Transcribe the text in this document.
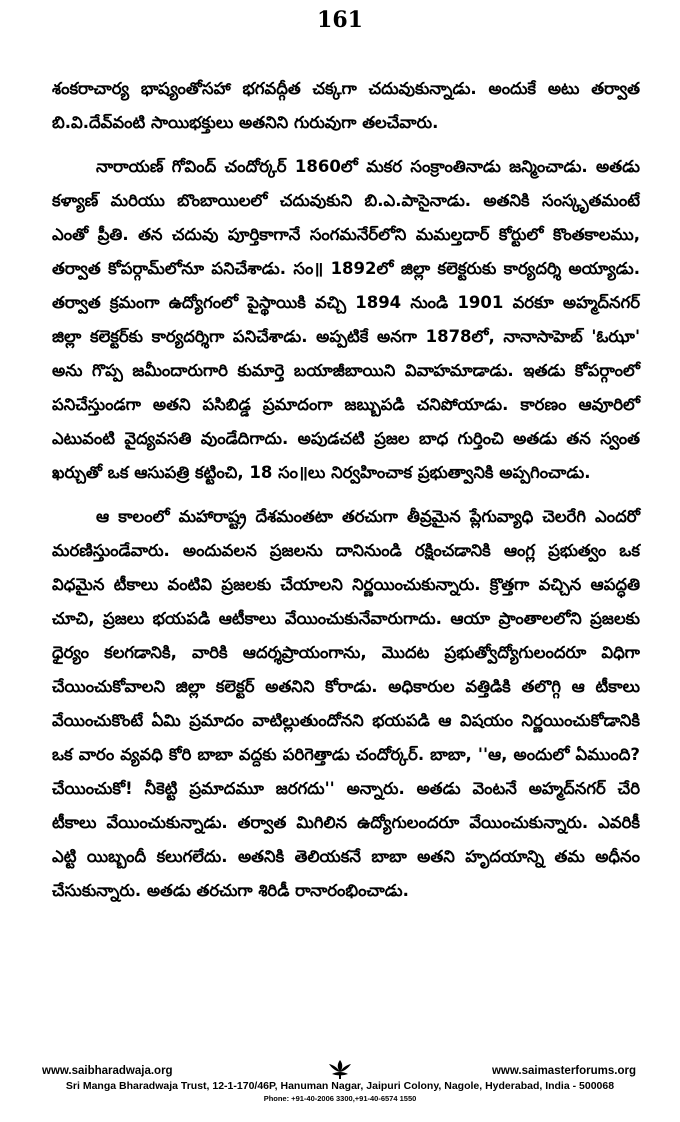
161

శంకరాచార్య భాష్యంతోసహా భగవద్గీత చక్కగా చదువుకున్నాడు. అందుకే అటు తర్వాత బి.వి.దేవ్‌వంటి సాయిభక్తులు అతనిని గురువుగా తలచేవారు.

నారాయణ్ గోవింద్ చందోర్కర్ 1860లో మకర సంక్రాంతినాడు జన్మించాడు. అతడు కళ్యాణ్ మరియు బొంబాయిలలో చదువుకుని బి.ఎ.పాసైనాడు. అతనికి సంస్కృతమంటే ఎంతో ప్రీతి. తన చదువు పూర్తికాగానే సంగమనేర్‌లోని మమల్తదార్ కోర్టులో కొంతకాలము, తర్వాత కోపర్గామ్‌లోనూ పనిచేశాడు. సం॥ 1892లో జిల్లా కలెక్టరుకు కార్యదర్శి అయ్యాడు. తర్వాత క్రమంగా ఉద్యోగంలో పైస్థాయికి వచ్చి 1894 నుండి 1901 వరకూ అహ్మద్‌నగర్ జిల్లా కలెక్టర్‌కు కార్యదర్శిగా పనిచేశాడు. అప్పటికే అనగా 1878లో, నానాసాహెబ్ 'ఓఝా' అను గొప్ప జమీందారుగారి కుమార్తె బయాజీబాయిని వివాహమాడాడు. ఇతడు కోపర్గాంలో పనిచేస్తుండగా అతని పసిబిడ్డ ప్రమాదంగా జబ్బుపడి చనిపోయాడు. కారణం ఆవూరిలో ఎటువంటి వైద్యవసతి వుండేదిగాదు. అపుడచటి ప్రజల బాధ గుర్తించి అతడు తన స్వంత ఖర్చుతో ఒక ఆసుపత్రి కట్టించి, 18 సం॥లు నిర్వహించాక ప్రభుత్వానికి అప్పగించాడు.

ఆ కాలంలో మహారాష్ట్ర దేశమంతటా తరచుగా తీవ్రమైన ప్లేగువ్యాధి చెలరేగి ఎందరో మరణిస్తుండేవారు. అందువలన ప్రజలను దానినుండి రక్షించడానికి ఆంగ్ల ప్రభుత్వం ఒక విధమైన టీకాలు వంటివి ప్రజలకు చేయాలని నిర్ణయించుకున్నారు. క్రొత్తగా వచ్చిన ఆపద్ధతి చూచి, ప్రజలు భయపడి ఆటీకాలు వేయించుకునేవారుగాదు. ఆయా ప్రాంతాలలోని ప్రజలకు ధైర్యం కలగడానికి, వారికి ఆదర్శప్రాయంగాను, మొదట ప్రభుత్వోద్యోగులందరూ విధిగా చేయించుకోవాలని జిల్లా కలెక్టర్ అతనిని కోరాడు. అధికారుల వత్తిడికి తలొగ్గి ఆ టీకాలు వేయించుకొంటే ఏమి ప్రమాదం వాటిల్లుతుందోనని భయపడి ఆ విషయం నిర్ణయించుకోడానికి ఒక వారం వ్యవధి కోరి బాబా వద్దకు పరిగెత్తాడు చందోర్కర్. బాబా, ''ఆ, అందులో ఏముంది? చేయించుకో! నీకెట్టి ప్రమాదమూ జరగదు'' అన్నారు. అతడు వెంటనే అహ్మద్‌నగర్ చేరి టీకాలు వేయించుకున్నాడు. తర్వాత మిగిలిన ఉద్యోగులందరూ వేయించుకున్నారు. ఎవరికీ ఎట్టి యిబ్బందీ కలుగలేదు. అతనికి తెలియకనే బాబా అతని హృదయాన్ని తమ అధీనం చేసుకున్నారు. అతడు తరచుగా శిరిడీ రానారంభించాడు.

www.saibharadwaja.org	www.saimasterforums.org
Sri Manga Bharadwaja Trust, 12-1-170/46P, Hanuman Nagar, Jaipuri Colony, Nagole, Hyderabad, India - 500068
Phone: +91-40-2006 3300,+91-40-6574 1550
